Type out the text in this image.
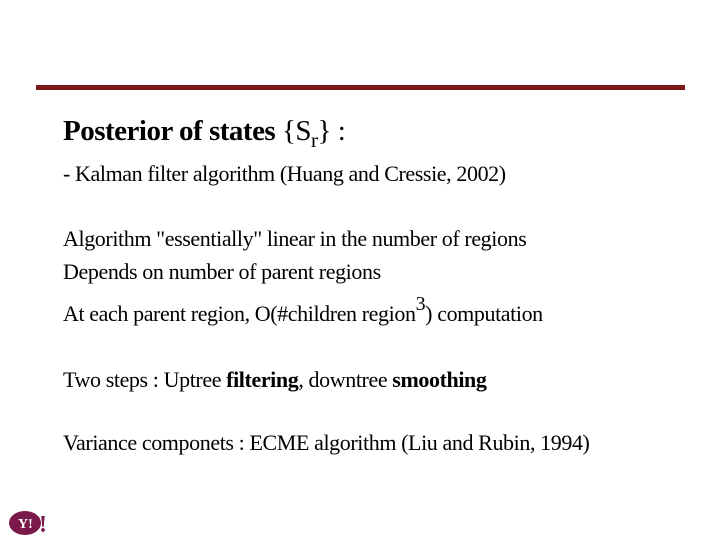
Posterior of states $\{S_r\}$ :
- Kalman filter algorithm (Huang and Cressie, 2002)
Algorithm "essentially" linear in the number of regions
Depends on number of parent regions
At each parent region, O(#children region3) computation
Two steps : Uptree filtering, downtree smoothing
Variance componets : ECME algorithm (Liu and Rubin, 1994)
Y! !
